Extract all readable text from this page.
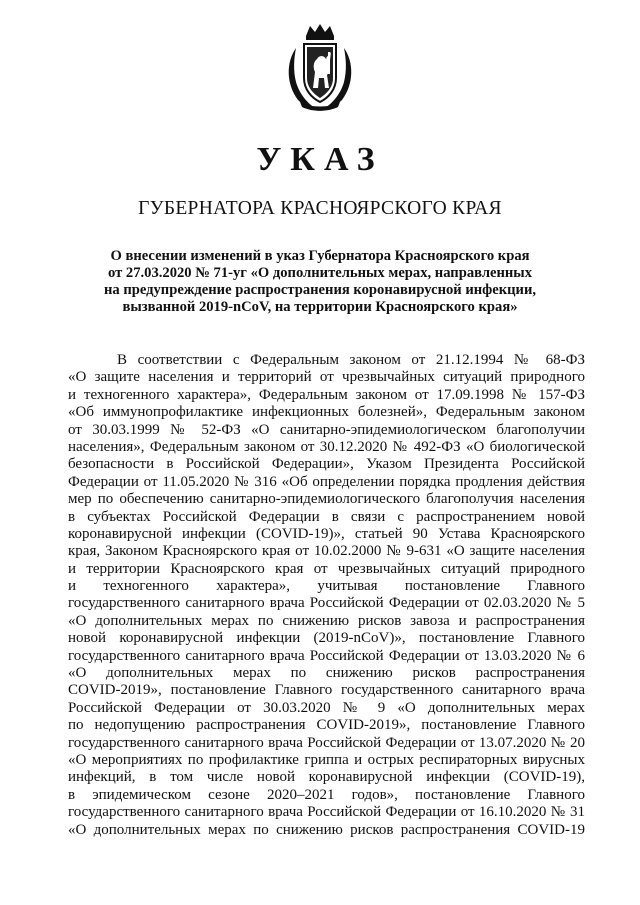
УКАЗ
ГУБЕРНАТОРА КРАСНОЯРСКОГО КРАЯ
О внесении изменений в указ Губернатора Красноярского края
от 27.03.2020 № 71-уг «О дополнительных мерах, направленных
на предупреждение распространения коронавирусной инфекции,
вызванной 2019-nCoV, на территории Красноярского края»
В соответствии с Федеральным законом от 21.12.1994 № 68-ФЗ
«О защите населения и территорий от чрезвычайных ситуаций природного
и техногенного характера», Федеральным законом от 17.09.1998 № 157-ФЗ
«Об иммунопрофилактике инфекционных болезней», Федеральным законом
от 30.03.1999 № 52-ФЗ «О санитарно-эпидемиологическом благополучии
населения», Федеральным законом от 30.12.2020 № 492-ФЗ «О биологической
безопасности в Российской Федерации», Указом Президента Российской
Федерации от 11.05.2020 № 316 «Об определении порядка продления действия
мер по обеспечению санитарно-эпидемиологического благополучия населения
в субъектах Российской Федерации в связи с распространением новой
коронавирусной инфекции (COVID-19)», статьей 90 Устава Красноярского
края, Законом Красноярского края от 10.02.2000 № 9-631 «О защите населения
и территории Красноярского края от чрезвычайных ситуаций природного
и техногенного характера», учитывая постановление Главного
государственного санитарного врача Российской Федерации от 02.03.2020 № 5
«О дополнительных мерах по снижению рисков завоза и распространения
новой коронавирусной инфекции (2019-nCoV)», постановление Главного
государственного санитарного врача Российской Федерации от 13.03.2020 № 6
«О дополнительных мерах по снижению рисков распространения
COVID-2019», постановление Главного государственного санитарного врача
Российской Федерации от 30.03.2020 № 9 «О дополнительных мерах
по недопущению распространения COVID-2019», постановление Главного
государственного санитарного врача Российской Федерации от 13.07.2020 № 20
«О мероприятиях по профилактике гриппа и острых респираторных вирусных
инфекций, в том числе новой коронавирусной инфекции (COVID-19),
в эпидемическом сезоне 2020–2021 годов», постановление Главного
государственного санитарного врача Российской Федерации от 16.10.2020 № 31
«О дополнительных мерах по снижению рисков распространения COVID-19
